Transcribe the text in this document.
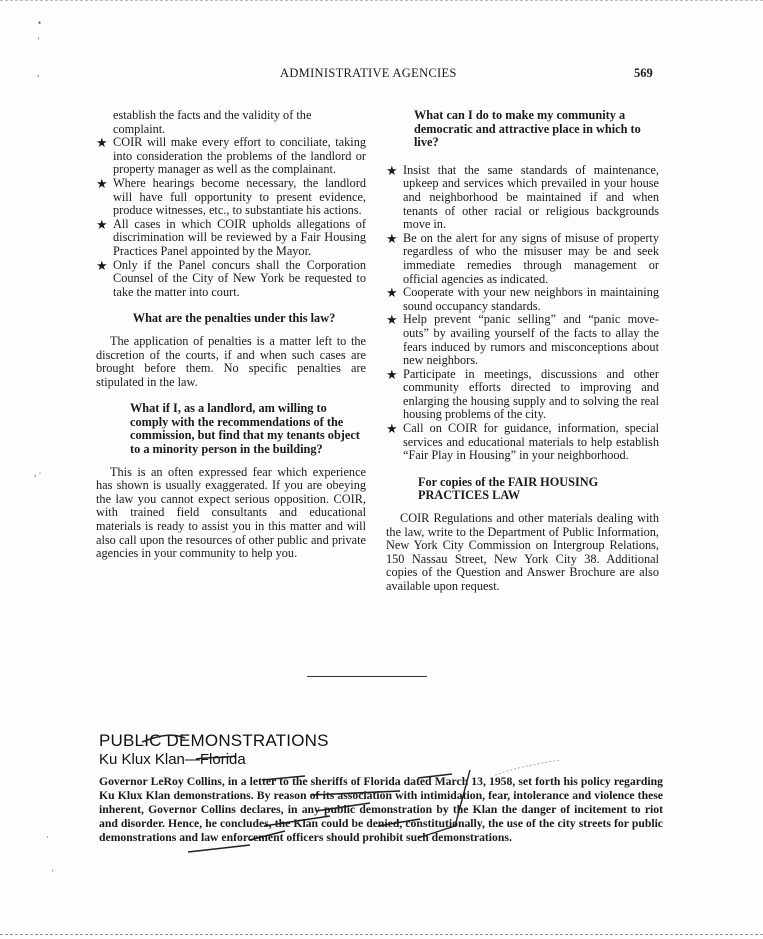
ADMINISTRATIVE AGENCIES	569
•
'
,
, ·
·
'

establish the facts and the validity of the complaint.

★ COIR will make every effort to conciliate, taking into consideration the problems of the landlord or property manager as well as the complainant.
★ Where hearings become necessary, the landlord will have full opportunity to present evidence, produce witnesses, etc., to substantiate his actions.
★ All cases in which COIR upholds allegations of discrimination will be reviewed by a Fair Housing Practices Panel appointed by the Mayor.
★ Only if the Panel concurs shall the Corporation Counsel of the City of New York be requested to take the matter into court.
What are the penalties under this law?

The application of penalties is a matter left to the discretion of the courts, if and when such cases are brought before them. No specific penalties are stipulated in the law.

What if I, as a landlord, am willing to comply with the recommendations of the commission, but find that my tenants object to a minority person in the building?

This is an often expressed fear which experience has shown is usually exaggerated. If you are obeying the law you cannot expect serious opposition. COIR, with trained field consultants and educational materials is ready to assist you in this matter and will also call upon the resources of other public and private agencies in your community to help you.

What can I do to make my community a democratic and attractive place in which to live?
★ Insist that the same standards of maintenance, upkeep and services which prevailed in your house and neighborhood be maintained if and when tenants of other racial or religious backgrounds move in.
★ Be on the alert for any signs of misuse of property regardless of who the misuser may be and seek immediate remedies through management or official agencies as indicated.
★ Cooperate with your new neighbors in maintaining sound occupancy standards.
★ Help prevent “panic selling” and “panic move-outs” by availing yourself of the facts to allay the fears induced by rumors and misconceptions about new neighbors.
★ Participate in meetings, discussions and other community efforts directed to improving and enlarging the housing supply and to solving the real housing problems of the city.
★ Call on COIR for guidance, information, special services and educational materials to help establish “Fair Play in Housing” in your neighborhood.
For copies of the FAIR HOUSING PRACTICES LAW

COIR Regulations and other materials dealing with the law, write to the Department of Public Information, New York City Commission on Intergroup Relations, 150 Nassau Street, New York City 38. Additional copies of the Question and Answer Brochure are also available upon request.

PUBLIC DEMONSTRATIONS
Ku Klux Klan—Florida

Governor LeRoy Collins, in a letter to the sheriffs of Florida dated March 13, 1958, set forth his policy regarding Ku Klux Klan demonstrations. By reason of its association with intimidation, fear, intolerance and violence these inherent, Governor Collins declares, in any public demonstration by the Klan the danger of incitement to riot and disorder. Hence, he concludes, the Klan could be denied, constitutionally, the use of the city streets for public demonstrations and law enforcement officers should prohibit such demonstrations.
